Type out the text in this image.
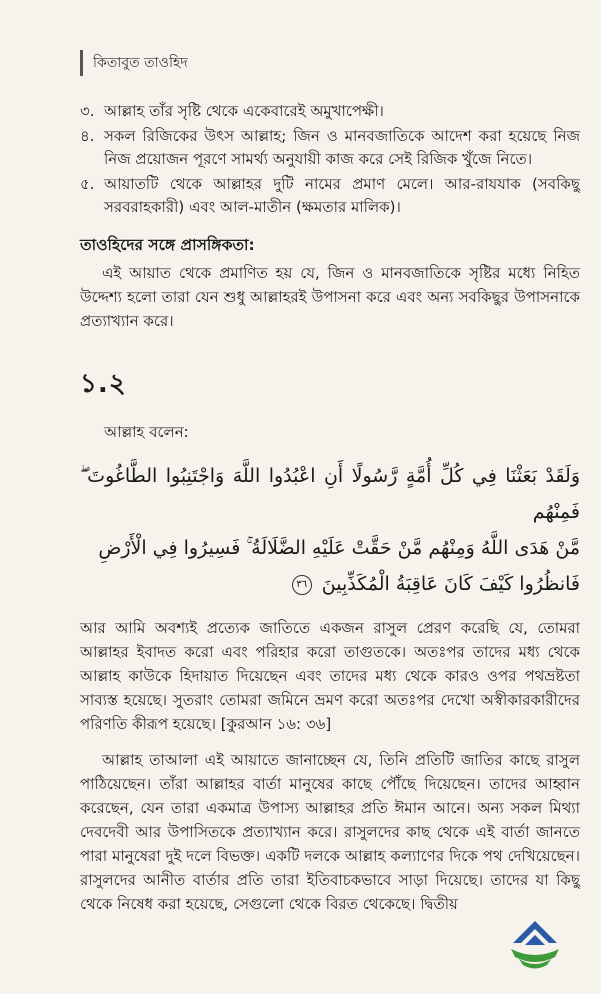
কিতাবুত তাওহিদ
৩. আল্লাহ তাঁর সৃষ্টি থেকে একেবারেই অমুখাপেক্ষী।
৪. সকল রিজিকের উৎস আল্লাহ; জিন ও মানবজাতিকে আদেশ করা হয়েছে নিজ নিজ প্রয়োজন পূরণে সামর্থ্য অনুযায়ী কাজ করে সেই রিজিক খুঁজে নিতে।
৫. আয়াতটি থেকে আল্লাহর দুটি নামের প্রমাণ মেলে। আর-রাযযাক (সবকিছু সরবরাহকারী) এবং আল-মাতীন (ক্ষমতার মালিক)।
তাওহিদের সঙ্গে প্রাসঙ্গিকতা:

এই আয়াত থেকে প্রমাণিত হয় যে, জিন ও মানবজাতিকে সৃষ্টির মধ্যে নিহিত উদ্দেশ্য হলো তারা যেন শুধু আল্লাহরই উপাসনা করে এবং অন্য সবকিছুর উপাসনাকে প্রত্যাখ্যান করে।

১.২
আল্লাহ বলেন:
وَلَقَدْ بَعَثْنَا فِي كُلِّ أُمَّةٍ رَّسُولًا أَنِ اعْبُدُوا اللَّهَ وَاجْتَنِبُوا الطَّاغُوتَ ۖ فَمِنْهُم
مَّنْ هَدَى اللَّهُ وَمِنْهُم مَّنْ حَقَّتْ عَلَيْهِ الضَّلَالَةُ ۚ فَسِيرُوا فِي الْأَرْضِ
فَانظُرُوا كَيْفَ كَانَ عَاقِبَةُ الْمُكَذِّبِينَ ٣٦

আর আমি অবশ্যই প্রত্যেক জাতিতে একজন রাসুল প্রেরণ করেছি যে, তোমরা আল্লাহর ইবাদত করো এবং পরিহার করো তাগুতকে। অতঃপর তাদের মধ্য থেকে আল্লাহ কাউকে হিদায়াত দিয়েছেন এবং তাদের মধ্য থেকে কারও ওপর পথভ্রষ্টতা সাব্যস্ত হয়েছে। সুতরাং তোমরা জমিনে ভ্রমণ করো অতঃপর দেখো অস্বীকারকারীদের পরিণতি কীরূপ হয়েছে। [কুরআন ১৬: ৩৬]

আল্লাহ তাআলা এই আয়াতে জানাচ্ছেন যে, তিনি প্রতিটি জাতির কাছে রাসুল পাঠিয়েছেন। তাঁরা আল্লাহর বার্তা মানুষের কাছে পৌঁছে দিয়েছেন। তাদের আহ্বান করেছেন, যেন তারা একমাত্র উপাস্য আল্লাহর প্রতি ঈমান আনে। অন্য সকল মিথ্যা দেবদেবী আর উপাসিতকে প্রত্যাখ্যান করে। রাসুলদের কাছ থেকে এই বার্তা জানতে পারা মানুষেরা দুই দলে বিভক্ত। একটি দলকে আল্লাহ কল্যাণের দিকে পথ দেখিয়েছেন। রাসুলদের আনীত বার্তার প্রতি তারা ইতিবাচকভাবে সাড়া দিয়েছে। তাদের যা কিছু থেকে নিষেধ করা হয়েছে, সেগুলো থেকে বিরত থেকেছে। দ্বিতীয়
